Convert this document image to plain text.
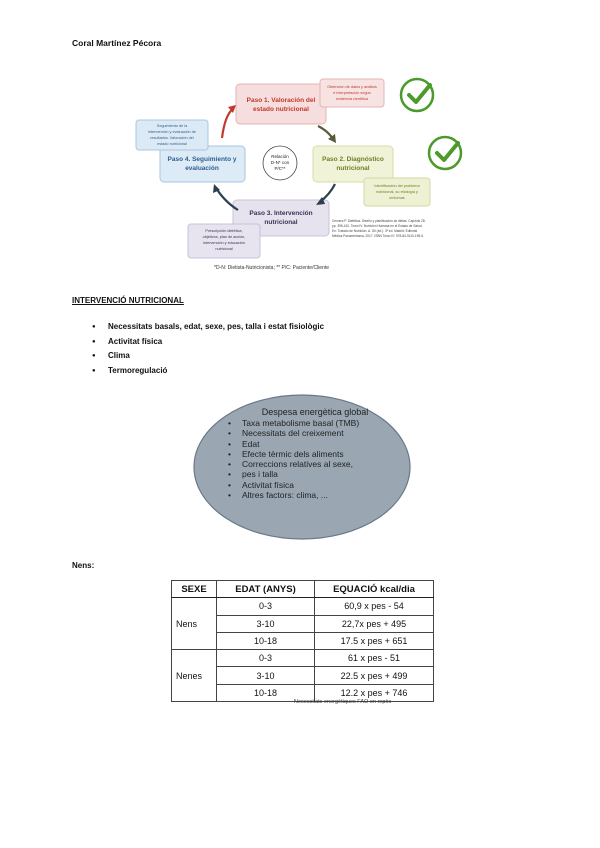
Coral Martínez Pécora
Paso 1. Valoración del
estado nutricional
Paso 2. Diagnóstico
nutricional
Paso 3. Intervención
nutricional
Paso 4. Seguimiento y
evaluación
Relación
D-N* con
P/C**
Obtención de datos y análisis
e interpretación según
evidencia científica
Identificación del problema
nutricional, su etiología y
síntomas
Prescripción dietética,
objetivos, plan de acción,
intervención y educación
nutricional
Seguimiento de la
intervención y evaluación de
resultados. Valoración del
estado nutricional
Cervera P. Dietética. Diseño y planificación de dietas. Capítulo 28.
pp. 395-410. Tomo IV. Nutrición Humana en el Estado de Salud.
En: Tratado de Nutrición. A. Gil (ed.). 3ª ed. Madrid: Editorial
Médica Panamericana, 2017. ISBN Tomo IV: 978-84-9110-195-5.
*D-N: Dietista-Nutricionista; ** P/C: Paciente/Cliente
INTERVENCIÓ NUTRICIONAL
● Necessitats basals, edat, sexe, pes, talla i estat fisiològic
● Activitat física
● Clima
● Termoregulació
Despesa energètica global
• Taxa metabolisme basal (TMB)
• Necessitats del creixement
• Edat
• Efecte tèrmic dels aliments
• Correccions relatives al sexe,
• pes i talla
• Activitat física
• Altres factors: clima, ...
Nens:
SEXE	EDAT (ANYS)	EQUACIÓ kcal/dia
Nens	0-3	60,9 x pes - 54
	3-10	22,7x pes + 495
	10-18	17.5 x pes + 651
Nenes	0-3	61 x pes - 51
	3-10	22.5 x pes + 499
	10-18	12.2 x pes + 746
Necessitats energètiques FAO en repòs
